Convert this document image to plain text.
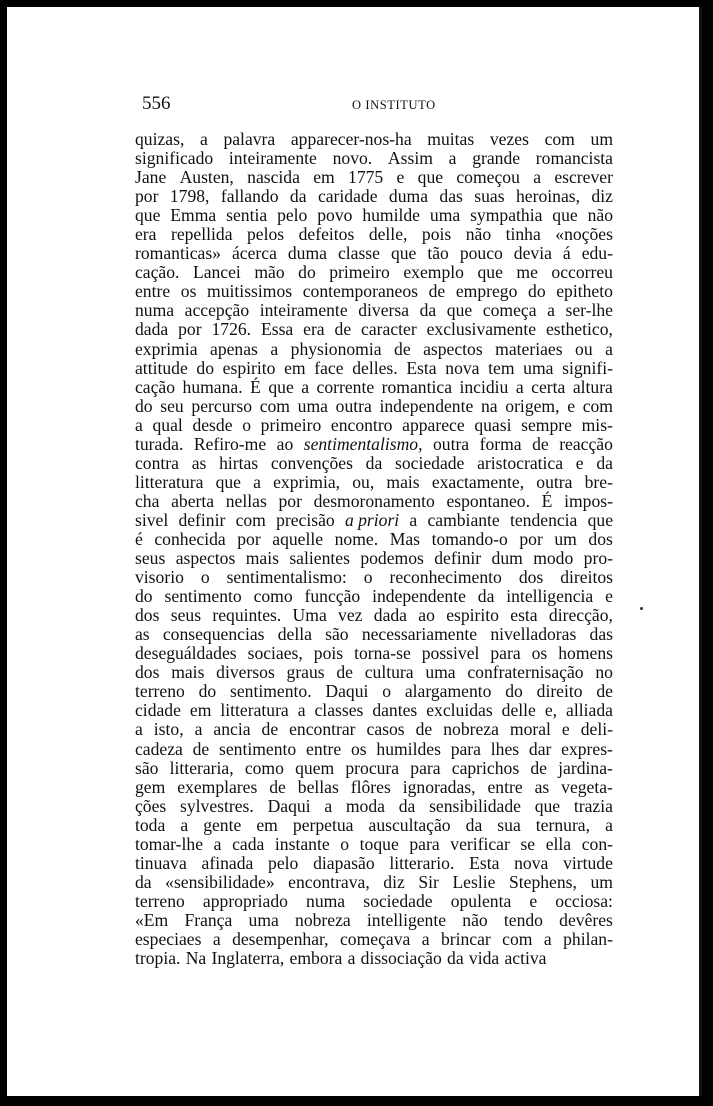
556	O INSTITUTO
quizas, a palavra apparecer-nos-ha muitas vezes com um
significado inteiramente novo. Assim a grande romancista
Jane Austen, nascida em 1775 e que começou a escrever
por 1798, fallando da caridade duma das suas heroinas, diz
que Emma sentia pelo povo humilde uma sympathia que não
era repellida pelos defeitos delle, pois não tinha «noções
romanticas» ácerca duma classe que tão pouco devia á edu-
cação. Lancei mão do primeiro exemplo que me occorreu
entre os muitissimos contemporaneos de emprego do epitheto
numa accepção inteiramente diversa da que começa a ser-lhe
dada por 1726. Essa era de caracter exclusivamente esthetico,
exprimia apenas a physionomia de aspectos materiaes ou a
attitude do espirito em face delles. Esta nova tem uma signifi-
cação humana. É que a corrente romantica incidiu a certa altura
do seu percurso com uma outra independente na origem, e com
a qual desde o primeiro encontro apparece quasi sempre mis-
turada. Refiro-me ao sentimentalismo, outra forma de reacção
contra as hirtas convenções da sociedade aristocratica e da
litteratura que a exprimia, ou, mais exactamente, outra bre-
cha aberta nellas por desmoronamento espontaneo. É impos-
sivel definir com precisão a priori a cambiante tendencia que
é conhecida por aquelle nome. Mas tomando-o por um dos
seus aspectos mais salientes podemos definir dum modo pro-
visorio o sentimentalismo: o reconhecimento dos direitos
do sentimento como funcção independente da intelligencia e
dos seus requintes. Uma vez dada ao espirito esta direcção,
as consequencias della são necessariamente nivelladoras das
deseguáldades sociaes, pois torna-se possivel para os homens
dos mais diversos graus de cultura uma confraternisação no
terreno do sentimento. Daqui o alargamento do direito de
cidade em litteratura a classes dantes excluidas delle e, alliada
a isto, a ancia de encontrar casos de nobreza moral e deli-
cadeza de sentimento entre os humildes para lhes dar expres-
são litteraria, como quem procura para caprichos de jardina-
gem exemplares de bellas flôres ignoradas, entre as vegeta-
ções sylvestres. Daqui a moda da sensibilidade que trazia
toda a gente em perpetua auscultação da sua ternura, a
tomar-lhe a cada instante o toque para verificar se ella con-
tinuava afinada pelo diapasão litterario. Esta nova virtude
da «sensibilidade» encontrava, diz Sir Leslie Stephens, um
terreno appropriado numa sociedade opulenta e occiosa:
«Em França uma nobreza intelligente não tendo devêres
especiaes a desempenhar, começava a brincar com a philan-
tropia. Na Inglaterra, embora a dissociação da vida activa
